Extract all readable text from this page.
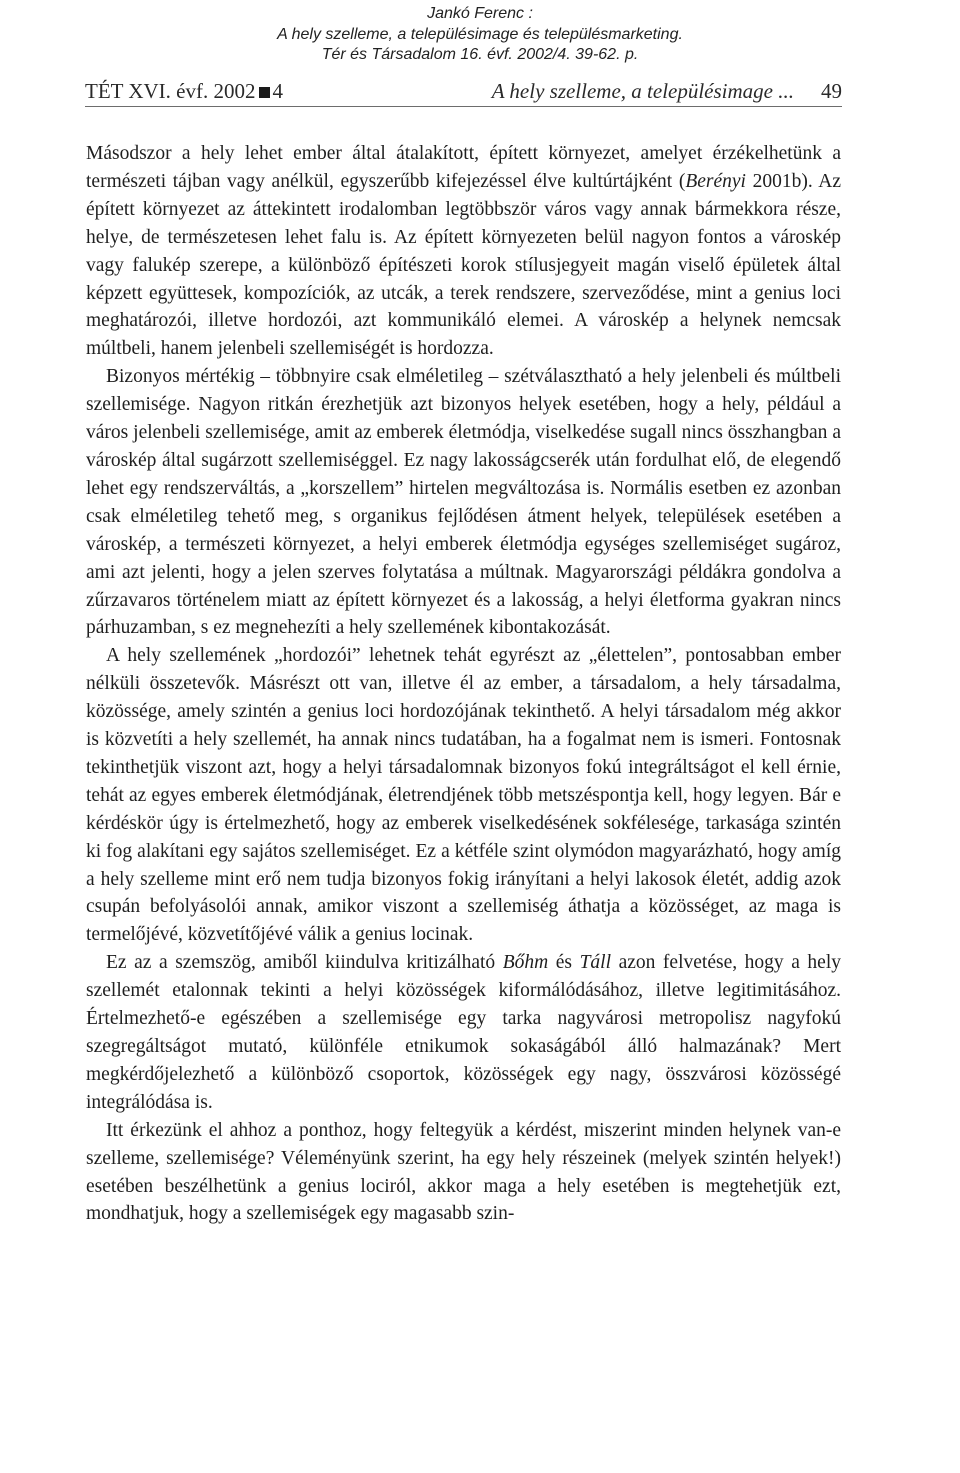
Jankó Ferenc :
A hely szelleme, a településimage és településmarketing.
Tér és Társadalom 16. évf. 2002/4. 39-62. p.
TÉT XVI. évf. 2002 4	A hely szelleme, a településimage ... 49

Másodszor a hely lehet ember által átalakított, épített környezet, amelyet érzékelhetünk a természeti tájban vagy anélkül, egyszerűbb kifejezéssel élve kultúrtájként (Berényi 2001b). Az épített környezet az áttekintett irodalomban legtöbbször város vagy annak bármekkora része, helye, de természetesen lehet falu is. Az épített környezeten belül nagyon fontos a városkép vagy falukép szerepe, a különböző építészeti korok stílusjegyeit magán viselő épületek által képzett együttesek, kompozíciók, az utcák, a terek rendszere, szerveződése, mint a genius loci meghatározói, illetve hordozói, azt kommunikáló elemei. A városkép a helynek nemcsak múltbeli, hanem jelenbeli szellemiségét is hordozza.

Bizonyos mértékig – többnyire csak elméletileg – szétválasztható a hely jelenbeli és múltbeli szellemisége. Nagyon ritkán érezhetjük azt bizonyos helyek esetében, hogy a hely, például a város jelenbeli szellemisége, amit az emberek életmódja, viselkedése sugall nincs összhangban a városkép által sugárzott szellemiséggel. Ez nagy lakosságcserék után fordulhat elő, de elegendő lehet egy rendszerváltás, a „korszellem” hirtelen megváltozása is. Normális esetben ez azonban csak elméletileg tehető meg, s organikus fejlődésen átment helyek, települések esetében a városkép, a természeti környezet, a helyi emberek életmódja egységes szellemiséget sugároz, ami azt jelenti, hogy a jelen szerves folytatása a múltnak. Magyarországi példákra gondolva a zűrzavaros történelem miatt az épített környezet és a lakosság, a helyi életforma gyakran nincs párhuzamban, s ez megnehezíti a hely szellemének kibontakozását.

A hely szellemének „hordozói” lehetnek tehát egyrészt az „élettelen”, pontosabban ember nélküli összetevők. Másrészt ott van, illetve él az ember, a társadalom, a hely társadalma, közössége, amely szintén a genius loci hordozójának tekinthető. A helyi társadalom még akkor is közvetíti a hely szellemét, ha annak nincs tudatában, ha a fogalmat nem is ismeri. Fontosnak tekinthetjük viszont azt, hogy a helyi társadalomnak bizonyos fokú integráltságot el kell érnie, tehát az egyes emberek életmódjának, életrendjének több metszéspontja kell, hogy legyen. Bár e kérdéskör úgy is értelmezhető, hogy az emberek viselkedésének sokfélesége, tarkasága szintén ki fog alakítani egy sajátos szellemiséget. Ez a kétféle szint olymódon magyarázható, hogy amíg a hely szelleme mint erő nem tudja bizonyos fokig irányítani a helyi lakosok életét, addig azok csupán befolyásolói annak, amikor viszont a szellemiség áthatja a közösséget, az maga is termelőjévé, közvetítőjévé válik a genius locinak.

Ez az a szemszög, amiből kiindulva kritizálható Bőhm és Táll azon felvetése, hogy a hely szellemét etalonnak tekinti a helyi közösségek kiformálódásához, illetve legitimitásához. Értelmezhető-e egészében a szellemisége egy tarka nagyvárosi metropolisz nagyfokú szegregáltságot mutató, különféle etnikumok sokaságából álló halmazának? Mert megkérdőjelezhető a különböző csoportok, közösségek egy nagy, összvárosi közösségé integrálódása is.

Itt érkezünk el ahhoz a ponthoz, hogy feltegyük a kérdést, miszerint minden helynek van-e szelleme, szellemisége? Véleményünk szerint, ha egy hely részeinek (melyek szintén helyek!) esetében beszélhetünk a genius lociról, akkor maga a hely esetében is megtehetjük ezt, mondhatjuk, hogy a szellemiségek egy magasabb szin-
